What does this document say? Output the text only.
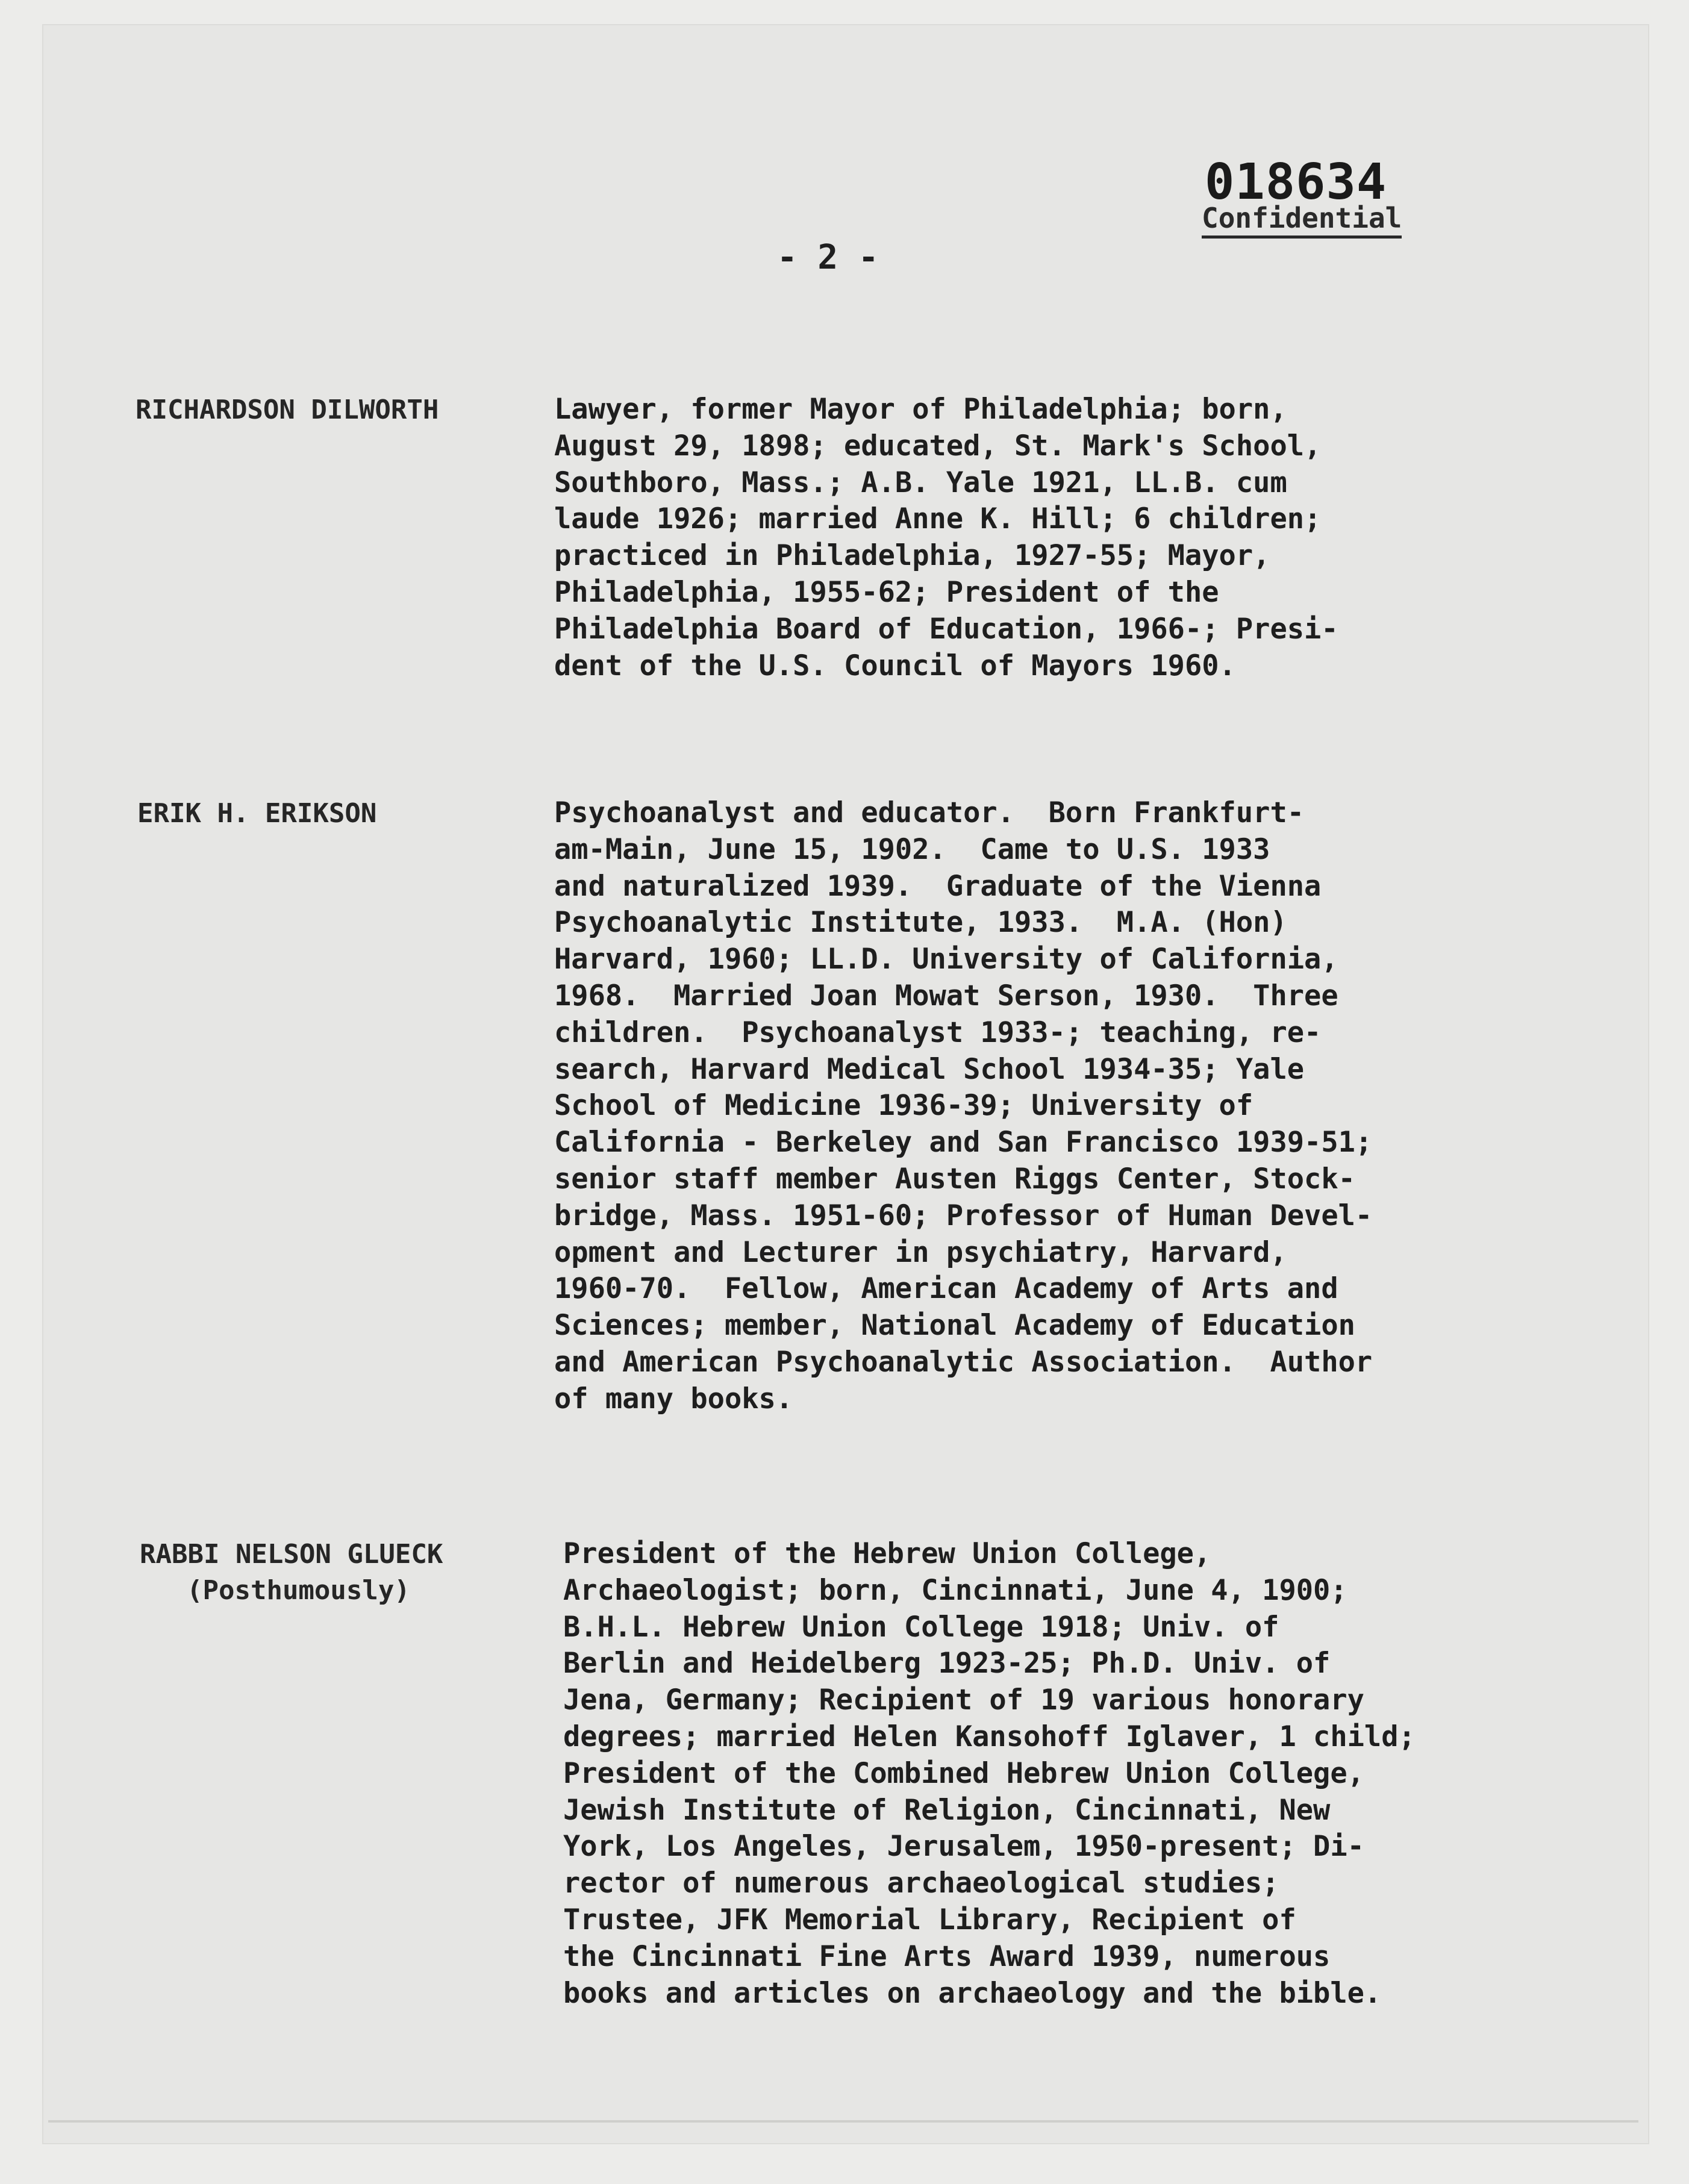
018634
Confidential
- 2 -
RICHARDSON DILWORTH	Lawyer, former Mayor of Philadelphia; born,
August 29, 1898; educated, St. Mark's School,
Southboro, Mass.; A.B. Yale 1921, LL.B. cum
laude 1926; married Anne K. Hill; 6 children;
practiced in Philadelphia, 1927-55; Mayor,
Philadelphia, 1955-62; President of the
Philadelphia Board of Education, 1966-; Presi-
dent of the U.S. Council of Mayors 1960.
ERIK H. ERIKSON	Psychoanalyst and educator.  Born Frankfurt-
am-Main, June 15, 1902.  Came to U.S. 1933
and naturalized 1939.  Graduate of the Vienna
Psychoanalytic Institute, 1933.  M.A. (Hon)
Harvard, 1960; LL.D. University of California,
1968.  Married Joan Mowat Serson, 1930.  Three
children.  Psychoanalyst 1933-; teaching, re-
search, Harvard Medical School 1934-35; Yale
School of Medicine 1936-39; University of
California - Berkeley and San Francisco 1939-51;
senior staff member Austen Riggs Center, Stock-
bridge, Mass. 1951-60; Professor of Human Devel-
opment and Lecturer in psychiatry, Harvard,
1960-70.  Fellow, American Academy of Arts and
Sciences; member, National Academy of Education
and American Psychoanalytic Association.  Author
of many books.
RABBI NELSON GLUECK
(Posthumously)
President of the Hebrew Union College,
Archaeologist; born, Cincinnati, June 4, 1900;
B.H.L. Hebrew Union College 1918; Univ. of
Berlin and Heidelberg 1923-25; Ph.D. Univ. of
Jena, Germany; Recipient of 19 various honorary
degrees; married Helen Kansohoff Iglaver, 1 child;
President of the Combined Hebrew Union College,
Jewish Institute of Religion, Cincinnati, New
York, Los Angeles, Jerusalem, 1950-present; Di-
rector of numerous archaeological studies;
Trustee, JFK Memorial Library, Recipient of
the Cincinnati Fine Arts Award 1939, numerous
books and articles on archaeology and the bible.
